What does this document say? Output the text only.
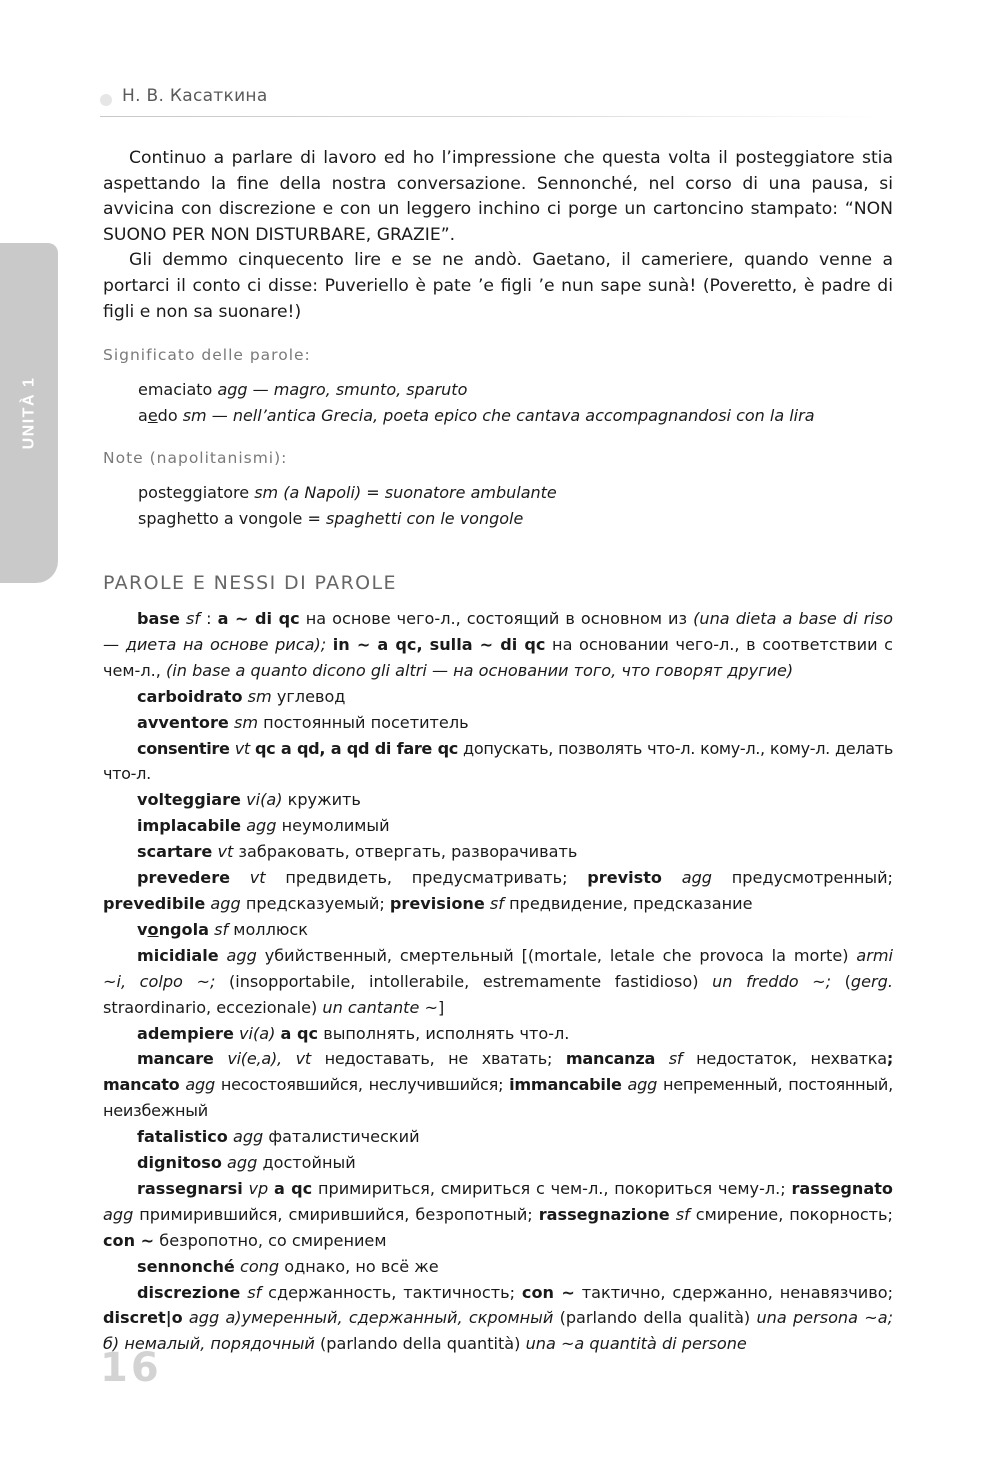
Н. В. Касаткина
UNITÀ 1

Continuo a parlare di lavoro ed ho l’impressione che questa volta il posteggiatore stia aspettando la fine della nostra conversazione. Sennonché, nel corso di una pausa, si avvicina con discrezione e con un leggero inchino ci porge un cartoncino stampato: “NON SUONO PER NON DISTURBARE, GRAZIE”.

Gli demmo cinquecento lire e se ne andò. Gaetano, il cameriere, quando venne a portarci il conto ci disse: Puveriello è pate ’e figli ’e nun sape sunà! (Poveretto, è padre di figli e non sa suonare!)

Significato delle parole:
emaciato agg — magro, smunto, sparuto
aedo sm — nell’antica Grecia, poeta epico che cantava accompagnandosi con la lira
Note (napolitanismi):
posteggiatore sm (a Napoli) = suonatore ambulante
spaghetto a vongole = spaghetti con le vongole
PAROLE E NESSI DI PAROLE

base sf : a ~ di qc на основе чего-л., состоящий в основном из (una dieta a base di riso — диета на основе риса); in ~ a qc, sulla ~ di qc на основании чего-л., в соответствии с чем-л., (in base a quanto dicono gli altri — на основании того, что говорят другие)

carboidrato sm углевод

avventore sm постоянный посетитель

consentire vt qc a qd, a qd di fare qc допускать, позволять что-л. кому-л., кому-л. делать что-л.

volteggiare vi(a) кружить

implacabile agg неумолимый

scartare vt забраковать, отвергать, разворачивать

prevedere vt предвидеть, предусматривать; previsto agg предусмотренный; prevedibile agg предсказуемый; previsione sf предвидение, предсказание

vongola sf моллюск

micidiale agg убийственный, смертельный [(mortale, letale che provoca la morte) armi ~i, colpo ~; (insopportabile, intollerabile, estremamente fastidioso) un freddo ~; (gerg. straordinario, eccezionale) un cantante ~]

adempiere vi(a) a qc выполнять, исполнять что-л.

mancare vi(e,a), vt недоставать, не хватать; mancanza sf недостаток, нехватка; mancato agg несостоявшийся, неслучившийся; immancabile agg непременный, постоянный, неизбежный

fatalistico agg фаталистический

dignitoso agg достойный

rassegnarsi vp a qc примириться, смириться с чем-л., покориться чему-л.; rassegnato agg примирившийся, смирившийся, безропотный; rassegnazione sf смирение, покорность; con ~ безропотно, со смирением

sennonché cong однако, но всё же

discrezione sf сдержанность, тактичность; con ~ тактично, сдержанно, ненавязчиво; discret|o agg а)умеренный, сдержанный, скромный (parlando della qualità) una persona ~a; б) немалый, порядочный (parlando della quantità) una ~a quantità di persone

16
